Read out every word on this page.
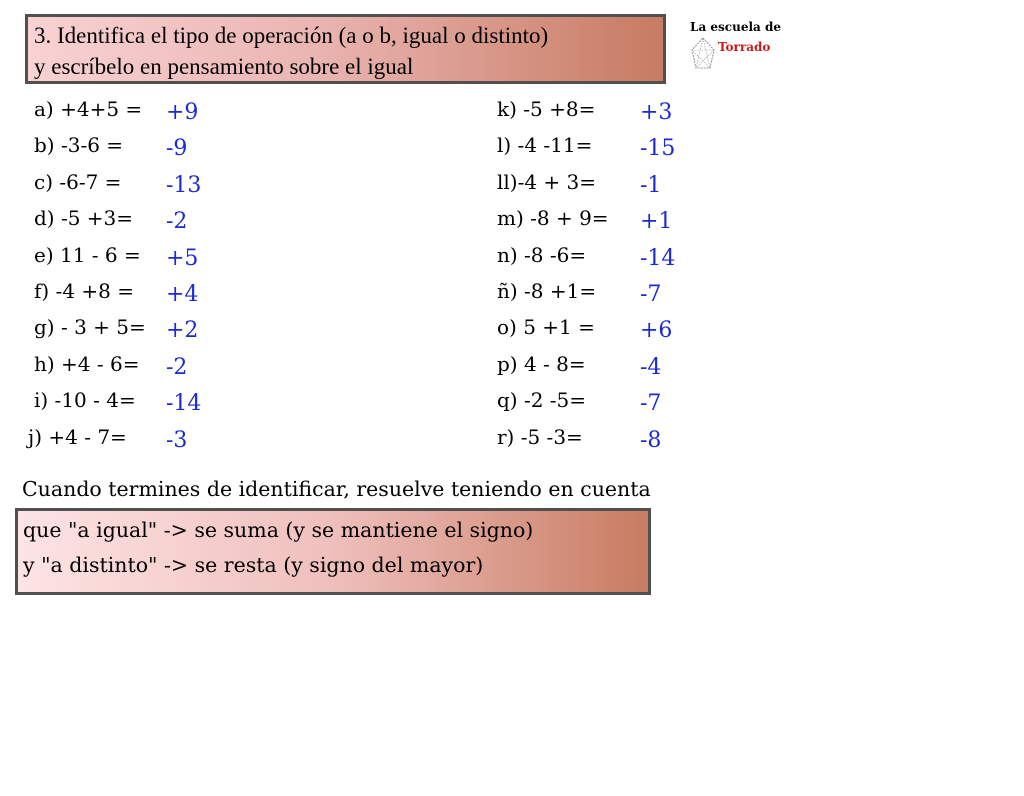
3. Identifica el tipo de operación (a o b, igual o distinto)
y escríbelo en pensamiento sobre el igual
La escuela de
Torrado
a) +4+5 = +9
b) -3-6 = -9
c) -6-7 = -13
d) -5 +3= -2
e) 11 - 6 = +5
f) -4 +8 = +4
g) - 3 + 5= +2
h) +4 - 6= -2
i) -10 - 4= -14
j) +4 - 7= -3
k) -5 +8= +3
l) -4 -11= -15
ll)-4 + 3= -1
m) -8 + 9= +1
n) -8 -6= -14
ñ) -8 +1= -7
o) 5 +1 = +6
p) 4 - 8= -4
q) -2 -5= -7
r) -5 -3=	-8
Cuando termines de identificar, resuelve teniendo en cuenta
que "a igual" -> se suma (y se mantiene el signo)
y "a distinto" -> se resta (y signo del mayor)
